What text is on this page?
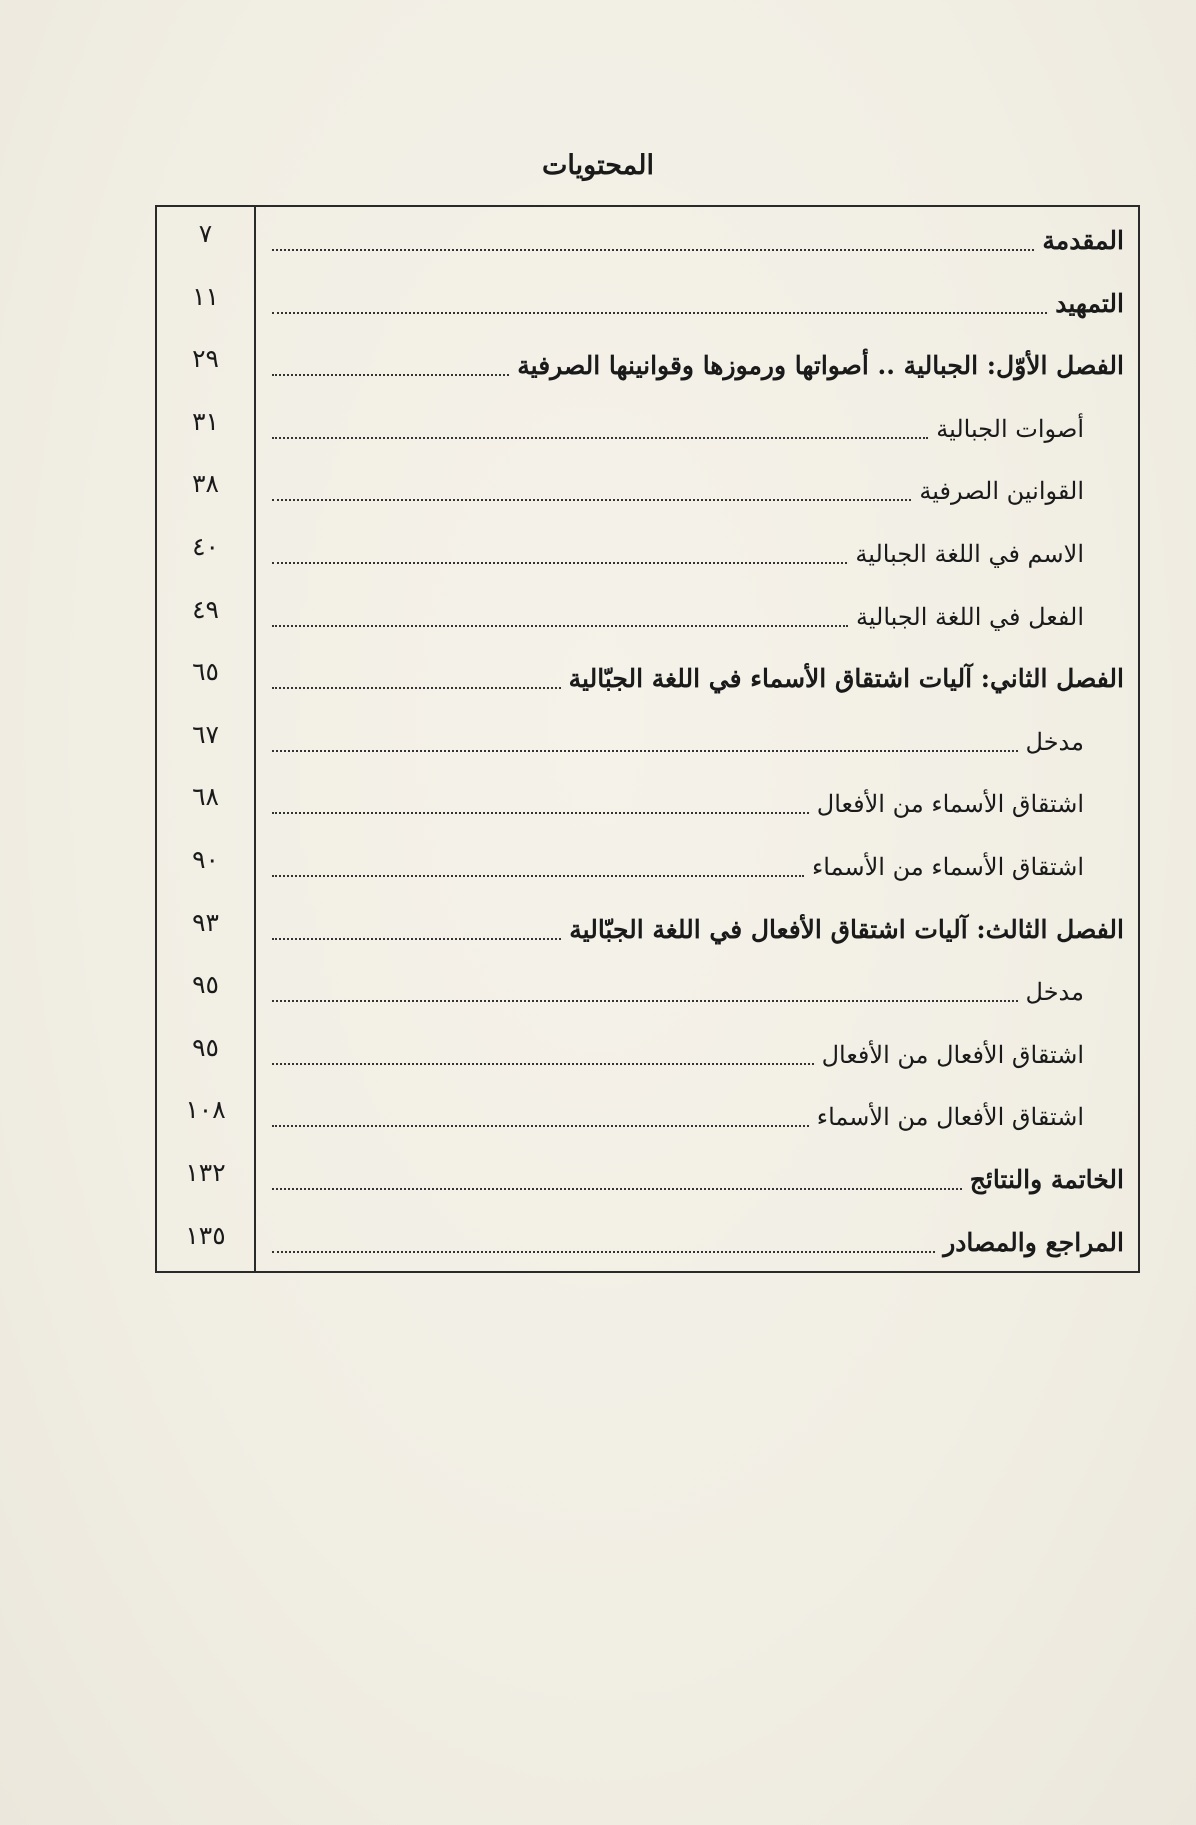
المحتويات
٧	المقدمة
١١	التمهيد
٢٩	الفصل الأوّل: الجبالية .. أصواتها ورموزها وقوانينها الصرفية
٣١	أصوات الجبالية
٣٨	القوانين الصرفية
٤٠	الاسم في اللغة الجبالية
٤٩	الفعل في اللغة الجبالية
٦٥	الفصل الثاني: آليات اشتقاق الأسماء في اللغة الجبّالية
٦٧	مدخل
٦٨	اشتقاق الأسماء من الأفعال
٩٠	اشتقاق الأسماء من الأسماء
٩٣	الفصل الثالث: آليات اشتقاق الأفعال في اللغة الجبّالية
٩٥	مدخل
٩٥	اشتقاق الأفعال من الأفعال
١٠٨	اشتقاق الأفعال من الأسماء
١٣٢	الخاتمة والنتائج
١٣٥	المراجع والمصادر
